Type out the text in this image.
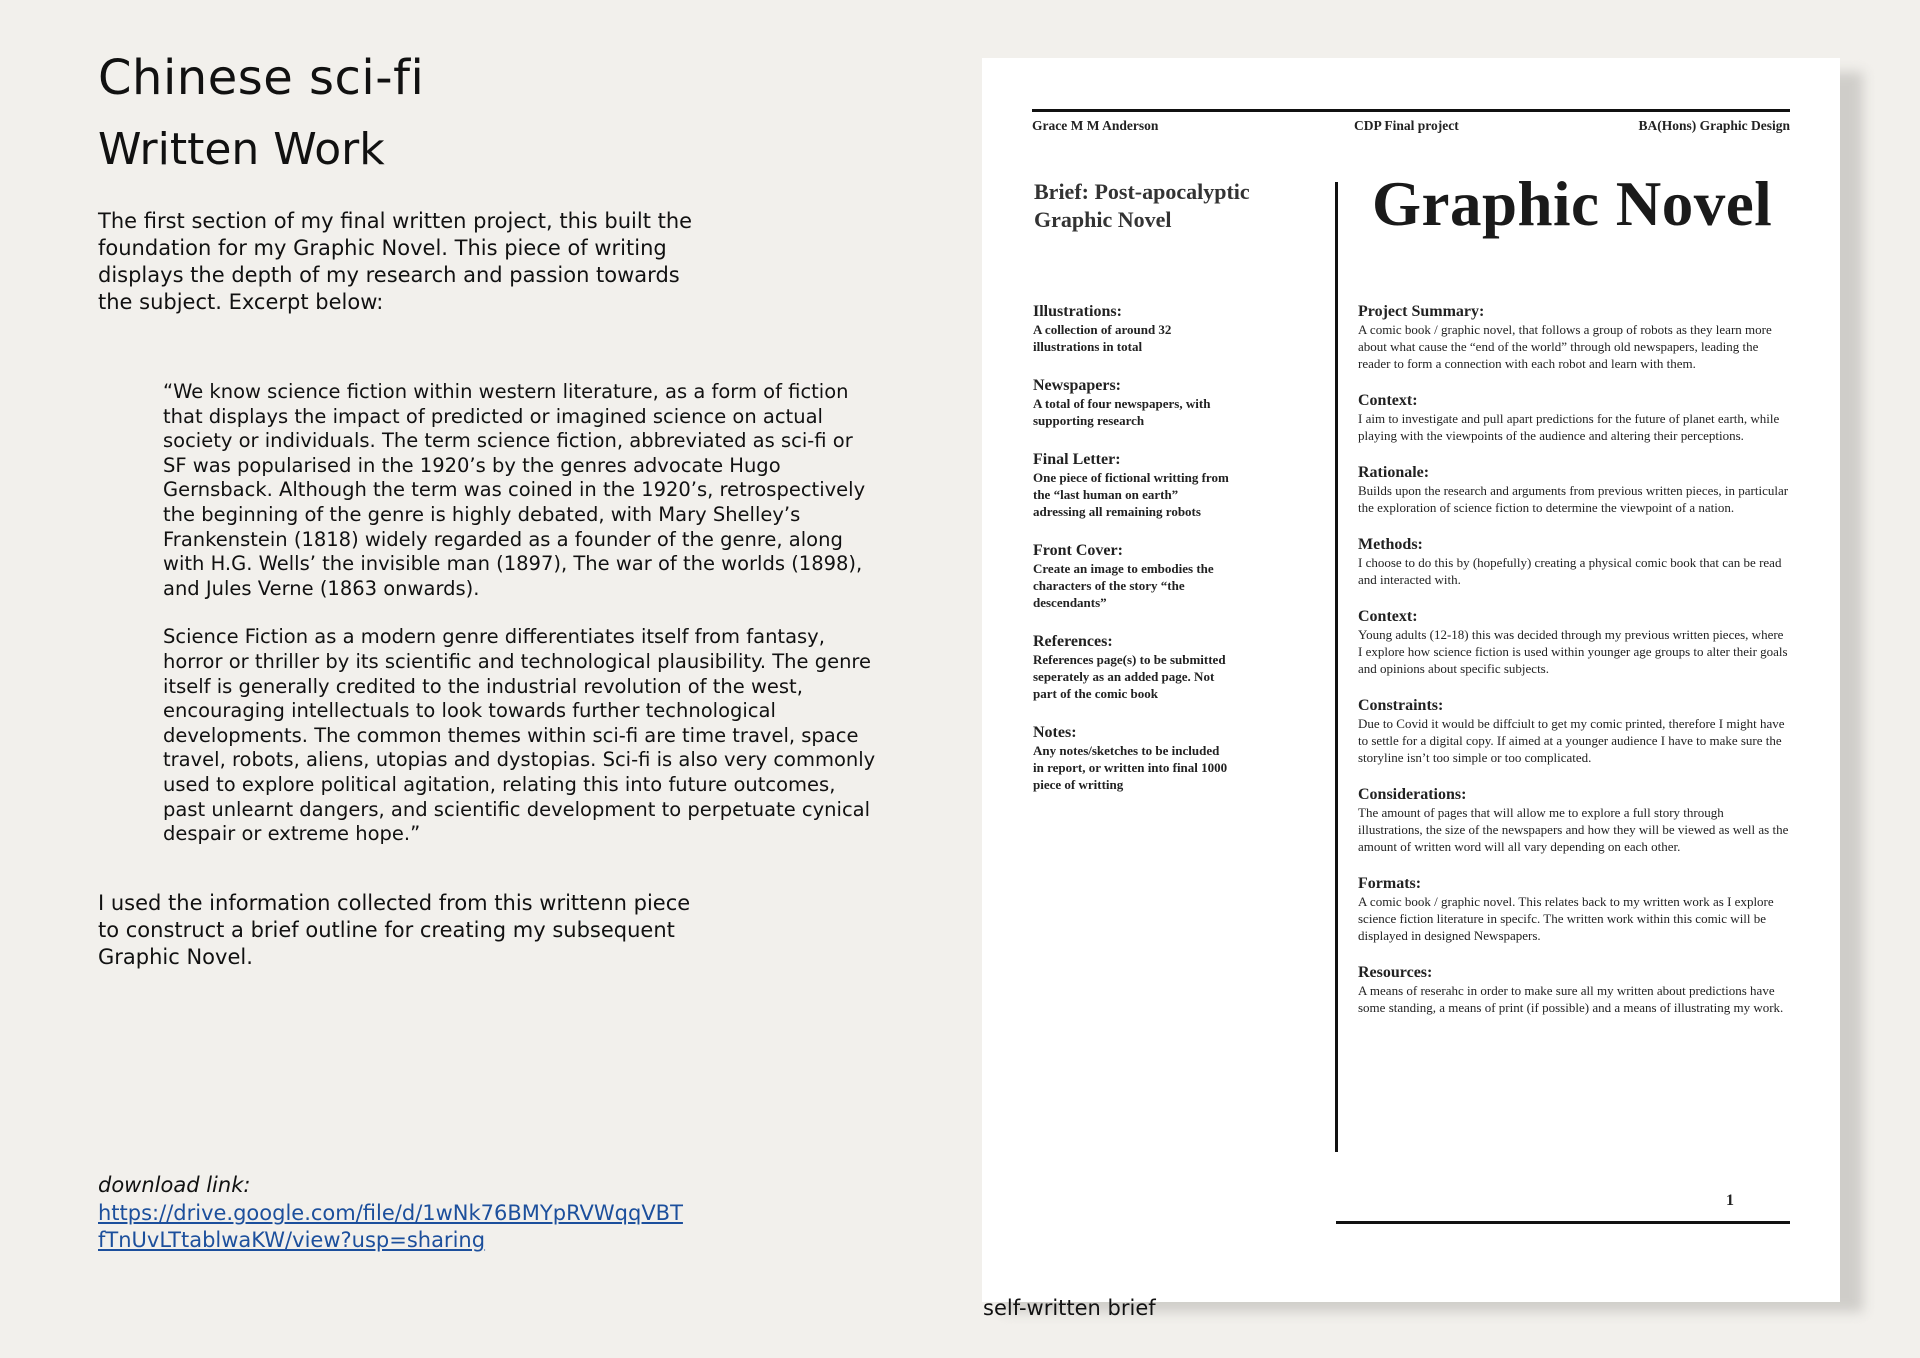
Chinese sci-fi
Written Work

The first section of my final written project, this built the foundation for my Graphic Novel. This piece of writing displays the depth of my research and passion towards the subject. Excerpt below:

“We know science fiction within western literature, as a form of fiction that displays the impact of predicted or imagined science on actual society or individuals. The term science fiction, abbreviated as sci-fi or SF was popularised in the 1920’s by the genres advocate Hugo Gernsback. Although the term was coined in the 1920’s, retrospectively the beginning of the genre is highly debated, with Mary Shelley’s Frankenstein (1818) widely regarded as a founder of the genre, along with H.G. Wells’ the invisible man (1897), The war of the worlds (1898), and Jules Verne (1863 onwards).

Science Fiction as a modern genre differentiates itself from fantasy, horror or thriller by its scientific and technological plausibility. The genre itself is generally credited to the industrial revolution of the west, encouraging intellectuals to look towards further technological developments. The common themes within sci-fi are time travel, space travel, robots, aliens, utopias and dystopias. Sci-fi is also very commonly used to explore political agitation, relating this into future outcomes, past unlearnt dangers, and scientific development to perpetuate cynical despair or extreme hope.”

I used the information collected from this writtenn piece to construct a brief outline for creating my subsequent Graphic Novel.

download link:
https://drive.google.com/file/d/1wNk76BMYpRVWqqVBTfTnUvLTtablwaKW/view?usp=sharing
Grace M M Anderson	CDP Final project	BA(Hons) Graphic Design
Brief: Post-apocalyptic Graphic Novel	Graphic Novel
Illustrations:
A collection of around 32 illustrations in total
Newspapers:
A total of four newspapers, with supporting research
Final Letter:
One piece of fictional writting from the “last human on earth” adressing all remaining robots
Front Cover:
Create an image to embodies the characters of the story “the descendants”
References:
References page(s) to be submitted seperately as an added page. Not part of the comic book
Notes:
Any notes/sketches to be included in report, or written into final 1000 piece of writting
Project Summary:
A comic book / graphic novel, that follows a group of robots as they learn more about what cause the “end of the world” through old newspapers, leading the reader to form a connection with each robot and learn with them.
Context:
I aim to investigate and pull apart predictions for the future of planet earth, while playing with the viewpoints of the audience and altering their perceptions.
Rationale:
Builds upon the research and arguments from previous written pieces, in particular the exploration of science fiction to determine the viewpoint of a nation.
Methods:
I choose to do this by (hopefully) creating a physical comic book that can be read and interacted with.
Context:
Young adults (12-18) this was decided through my previous written pieces, where I explore how science fiction is used within younger age groups to alter their goals and opinions about specific subjects.
Constraints:
Due to Covid it would be diffciult to get my comic printed, therefore I might have to settle for a digital copy. If aimed at a younger audience I have to make sure the storyline isn’t too simple or too complicated.
Considerations:
The amount of pages that will allow me to explore a full story through illustrations, the size of the newspapers and how they will be viewed as well as the amount of written word will all vary depending on each other.
Formats:
A comic book / graphic novel. This relates back to my written work as I explore science fiction literature in specifc. The written work within this comic will be displayed in designed Newspapers.
Resources:
A means of reserahc in order to make sure all my written about predictions have some standing, a means of print (if possible) and a means of illustrating my work.
1
self-written brief
